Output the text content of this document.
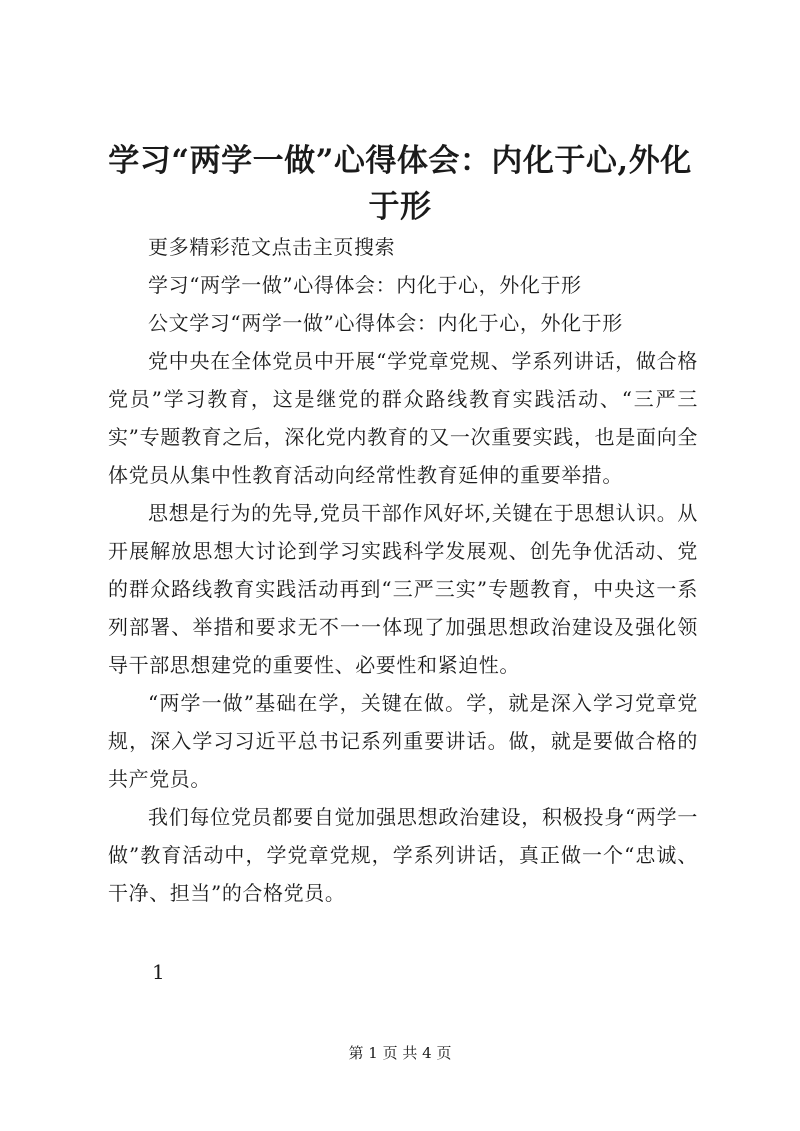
学习“两学一做”心得体会：内化于心,外化于形

更多精彩范文点击主页搜索

学习“两学一做”心得体会：内化于心，外化于形

公文学习“两学一做”心得体会：内化于心，外化于形

党中央在全体党员中开展“学党章党规、学系列讲话，做合格党员”学习教育，这是继党的群众路线教育实践活动、“三严三实”专题教育之后，深化党内教育的又一次重要实践，也是面向全体党员从集中性教育活动向经常性教育延伸的重要举措。

思想是行为的先导,党员干部作风好坏,关键在于思想认识。从开展解放思想大讨论到学习实践科学发展观、创先争优活动、党的群众路线教育实践活动再到“三严三实”专题教育，中央这一系列部署、举措和要求无不一一体现了加强思想政治建设及强化领导干部思想建党的重要性、必要性和紧迫性。

“两学一做”基础在学，关键在做。学，就是深入学习党章党规，深入学习习近平总书记系列重要讲话。做，就是要做合格的共产党员。

我们每位党员都要自觉加强思想政治建设，积极投身“两学一做”教育活动中，学党章党规，学系列讲话，真正做一个“忠诚、干净、担当”的合格党员。

1

第 1 页 共 4 页
